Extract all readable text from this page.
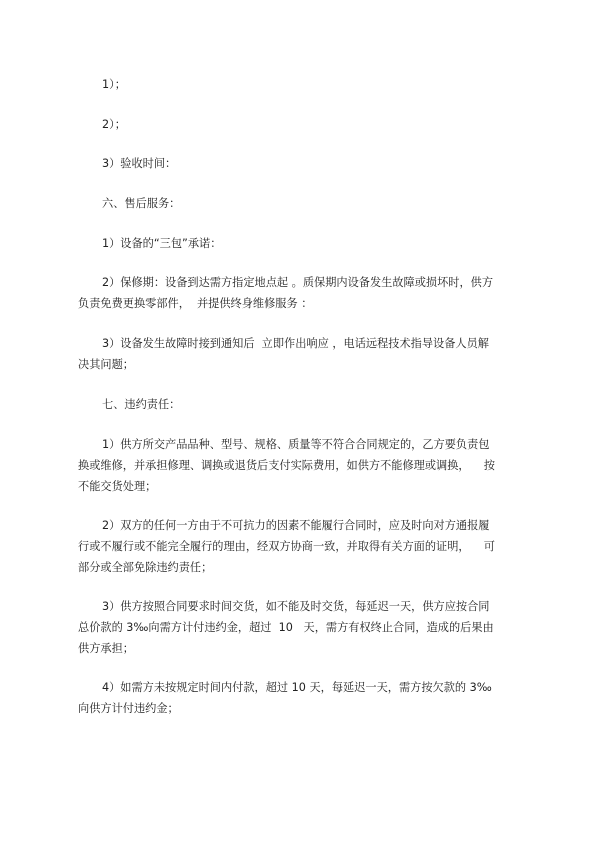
1）；
2）；
3）验收时间：
六、售后服务：
1）设备的“三包”承诺：
2）保修期：设备到达需方指定地点起 。质保期内设备发生故障或损坏时，供方
负责免费更换零部件，  并提供终身维修服务 ：
3）设备发生故障时接到通知后  立即作出响应 ，电话远程技术指导设备人员解
决其问题；
七、违约责任：
1）供方所交产品品种、型号、规格、质量等不符合合同规定的，乙方要负责包
换或维修，并承担修理、调换或退货后支付实际费用，如供方不能修理或调换，    按
不能交货处理；
2）双方的任何一方由于不可抗力的因素不能履行合同时，应及时向对方通报履
行或不履行或不能完全履行的理由，经双方协商一致，并取得有关方面的证明，    可
部分或全部免除违约责任；
3）供方按照合同要求时间交货，如不能及时交货，每延迟一天，供方应按合同
总价款的 3‰向需方计付违约金，超过  10   天，需方有权终止合同，造成的后果由
供方承担；
4）如需方未按规定时间内付款，超过 10 天，每延迟一天，需方按欠款的 3‰
向供方计付违约金；
